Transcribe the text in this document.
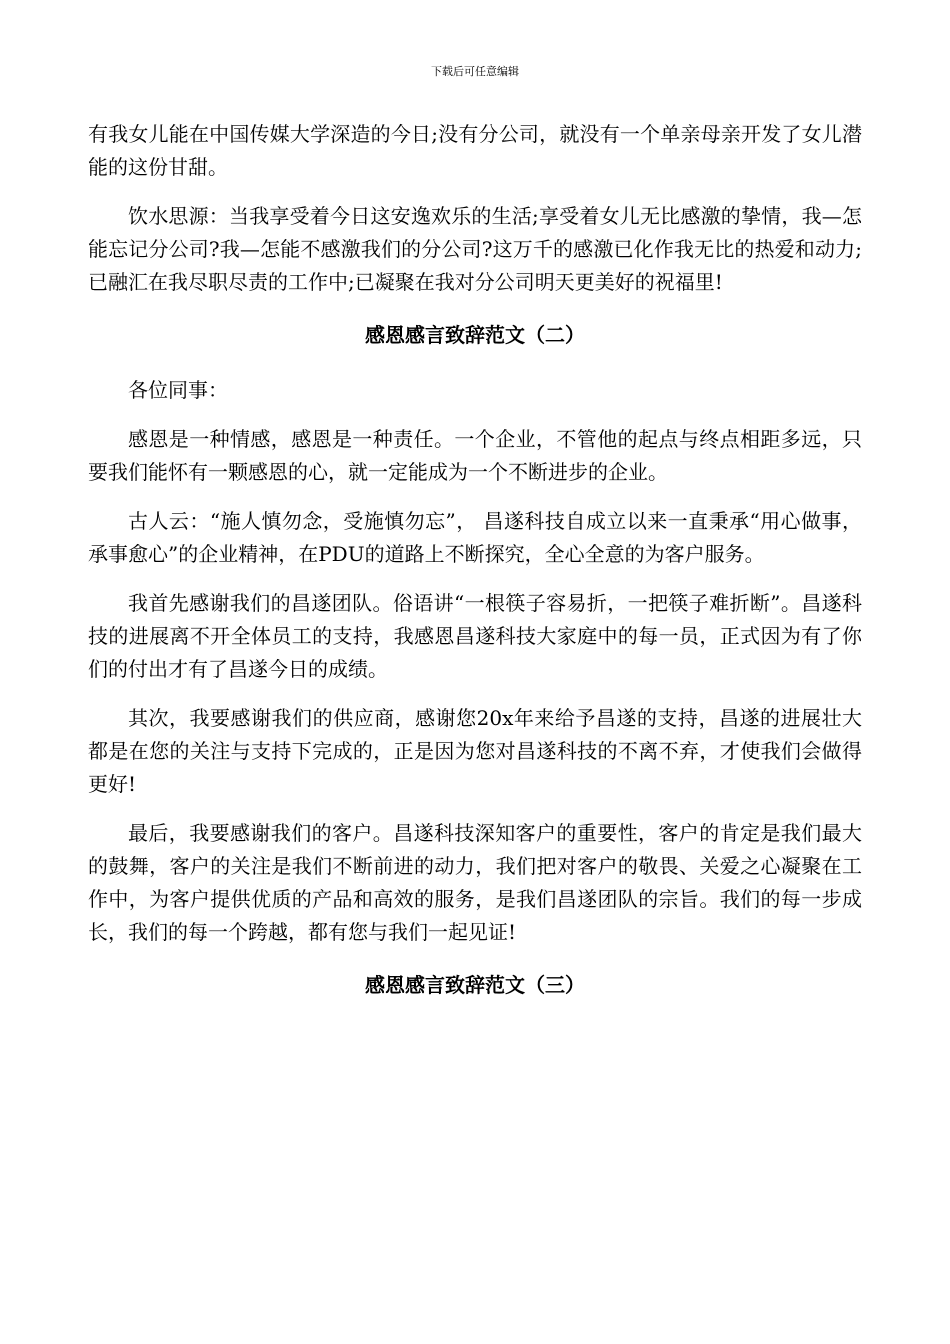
下载后可任意编辑

有我女儿能在中国传媒大学深造的今日;没有分公司，就没有一个单亲母亲开发了女儿潜能的这份甘甜。

饮水思源：当我享受着今日这安逸欢乐的生活;享受着女儿无比感激的挚情，我—怎能忘记分公司?我—怎能不感激我们的分公司?这万千的感激已化作我无比的热爱和动力;已融汇在我尽职尽责的工作中;已凝聚在我对分公司明天更美好的祝福里!

感恩感言致辞范文（二）

各位同事：

感恩是一种情感，感恩是一种责任。一个企业，不管他的起点与终点相距多远，只要我们能怀有一颗感恩的心，就一定能成为一个不断进步的企业。

古人云：“施人慎勿念，受施慎勿忘”， 昌遂科技自成立以来一直秉承“用心做事，承事愈心”的企业精神，在PDU的道路上不断探究，全心全意的为客户服务。

我首先感谢我们的昌遂团队。俗语讲“一根筷子容易折，一把筷子难折断”。昌遂科技的进展离不开全体员工的支持，我感恩昌遂科技大家庭中的每一员，正式因为有了你们的付出才有了昌遂今日的成绩。

其次，我要感谢我们的供应商，感谢您20x年来给予昌遂的支持，昌遂的进展壮大都是在您的关注与支持下完成的，正是因为您对昌遂科技的不离不弃，才使我们会做得更好!

最后，我要感谢我们的客户。昌遂科技深知客户的重要性，客户的肯定是我们最大的鼓舞，客户的关注是我们不断前进的动力，我们把对客户的敬畏、关爱之心凝聚在工作中，为客户提供优质的产品和高效的服务，是我们昌遂团队的宗旨。我们的每一步成长，我们的每一个跨越，都有您与我们一起见证!

感恩感言致辞范文（三）
